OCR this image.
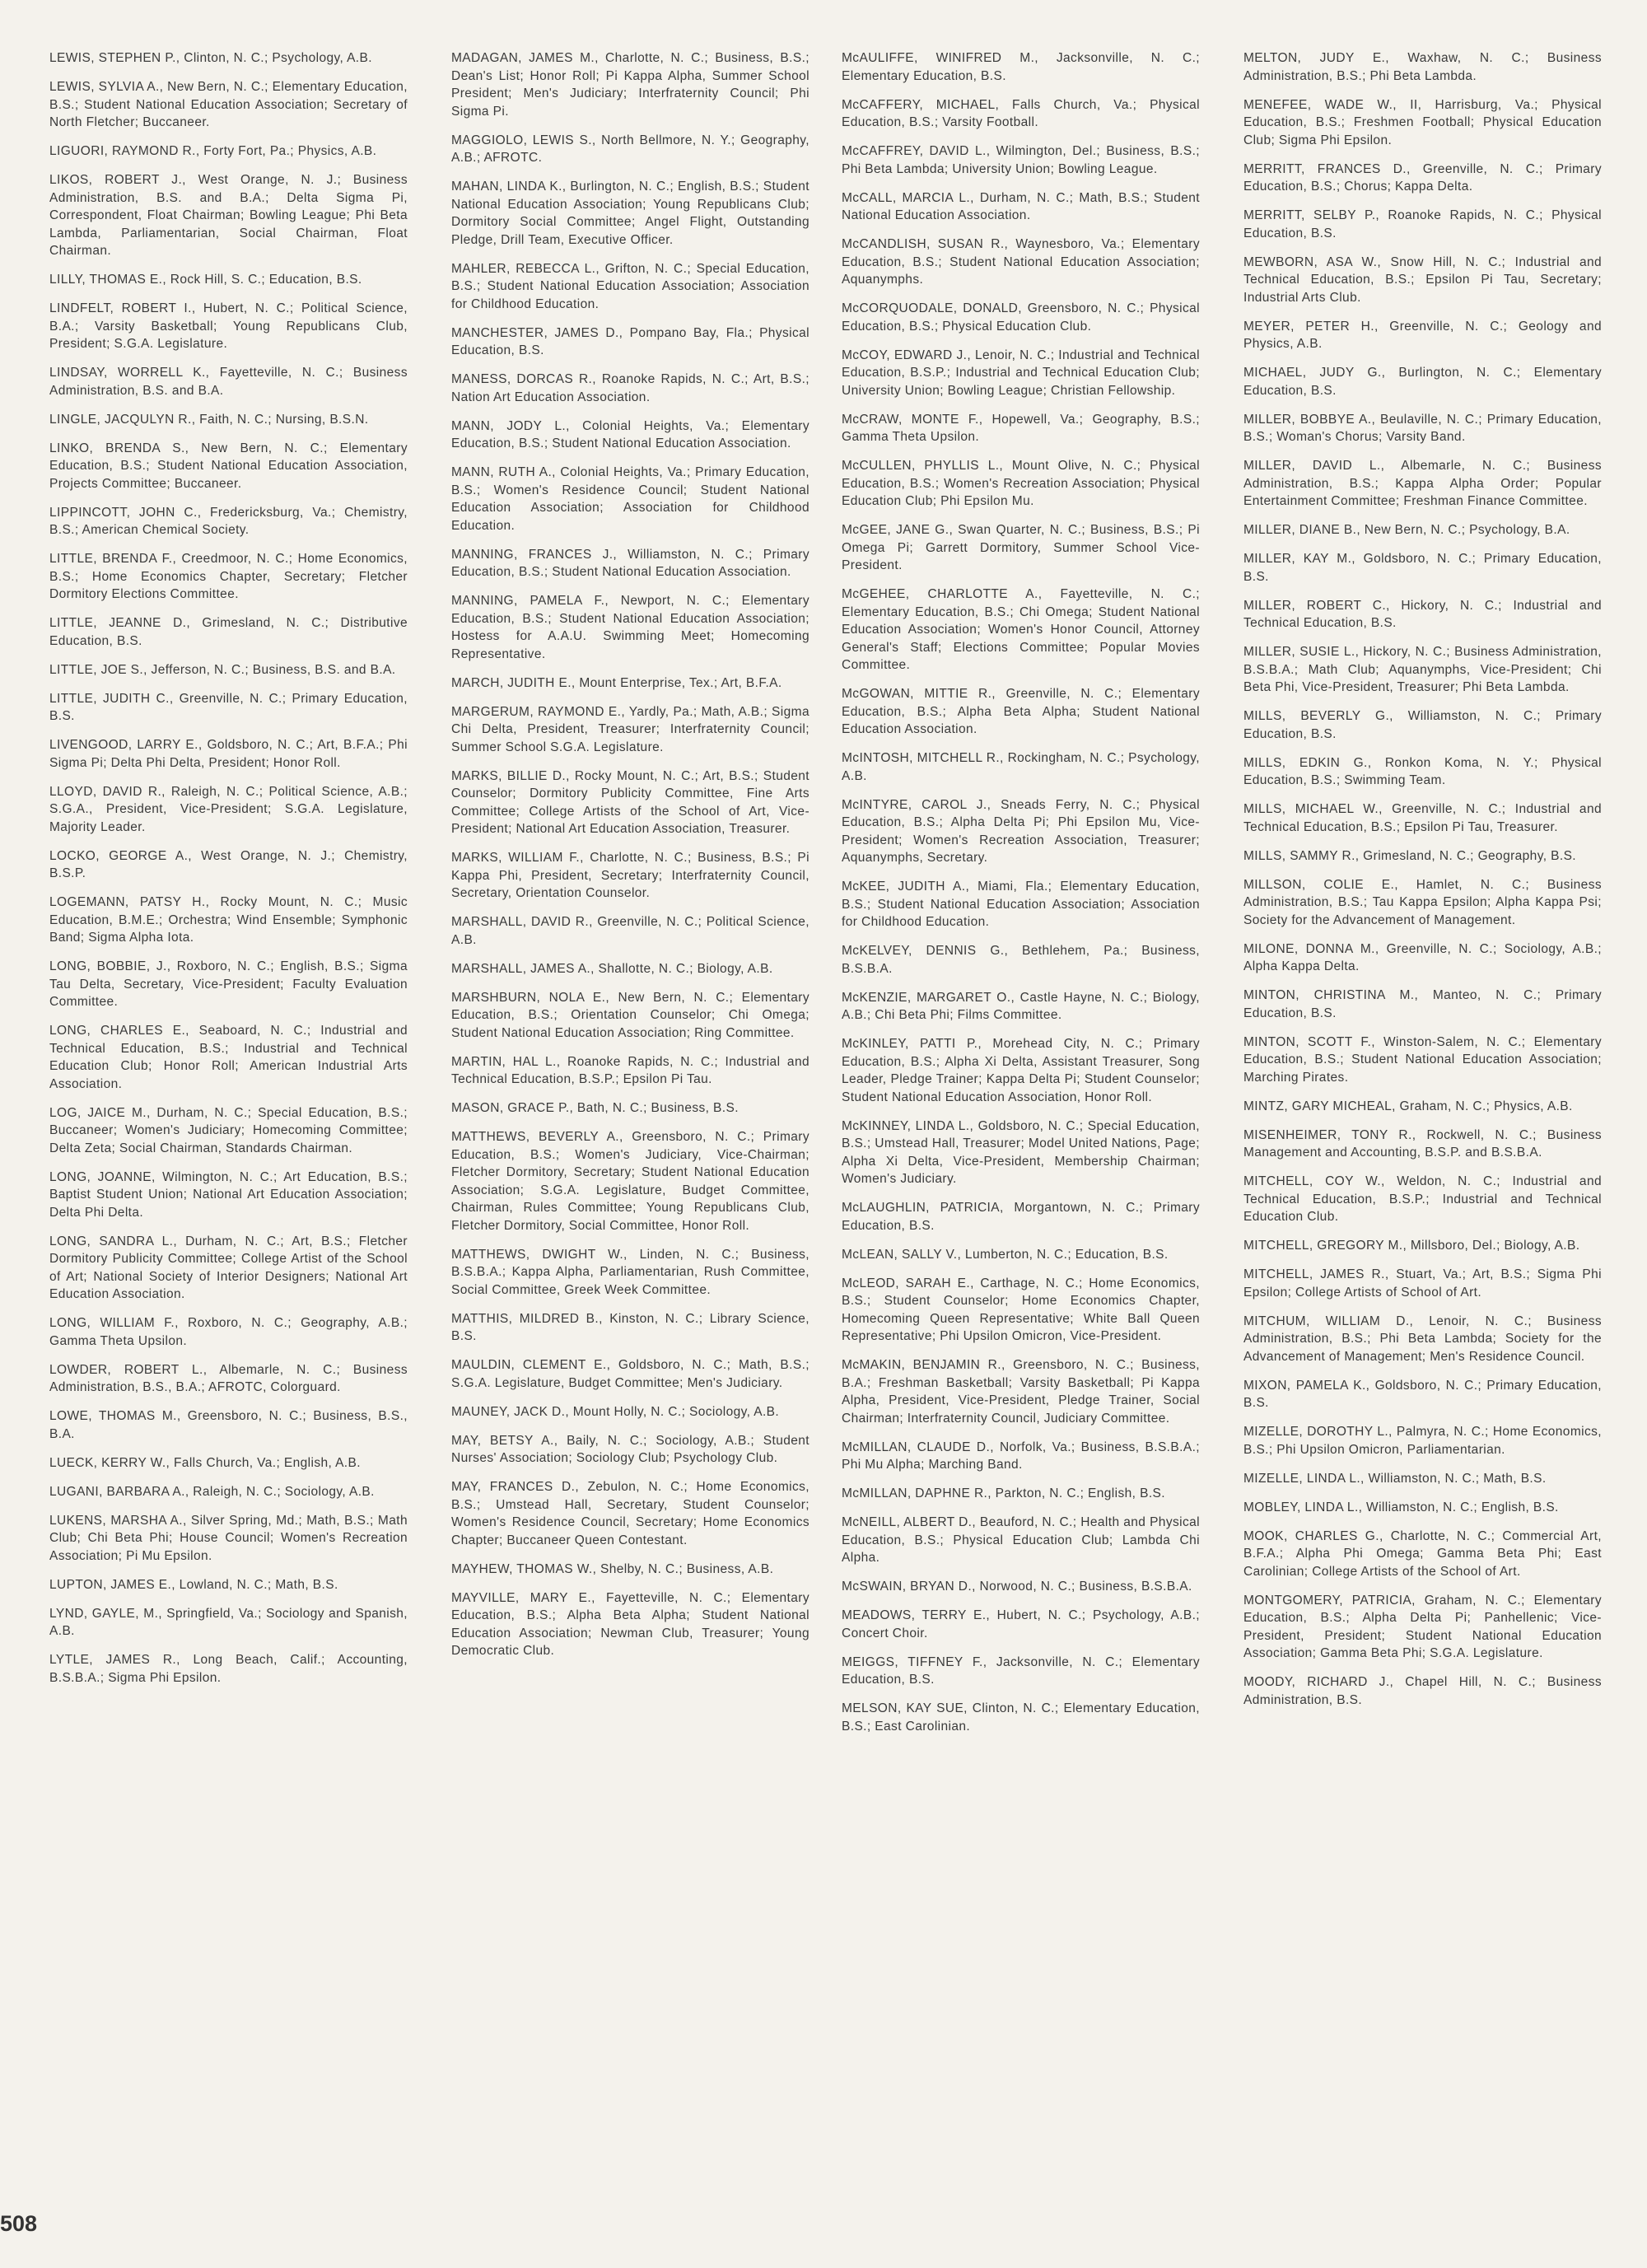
LEWIS, STEPHEN P., Clinton, N. C.; Psychology, A.B.

LEWIS, SYLVIA A., New Bern, N. C.; Elementary Education, B.S.; Student National Education Association; Secretary of North Fletcher; Buccaneer.

LIGUORI, RAYMOND R., Forty Fort, Pa.; Physics, A.B.

LIKOS, ROBERT J., West Orange, N. J.; Business Administration, B.S. and B.A.; Delta Sigma Pi, Correspondent, Float Chairman; Bowling League; Phi Beta Lambda, Parliamentarian, Social Chairman, Float Chairman.

LILLY, THOMAS E., Rock Hill, S. C.; Education, B.S.

LINDFELT, ROBERT I., Hubert, N. C.; Political Science, B.A.; Varsity Basketball; Young Republicans Club, President; S.G.A. Legislature.

LINDSAY, WORRELL K., Fayetteville, N. C.; Business Administration, B.S. and B.A.

LINGLE, JACQULYN R., Faith, N. C.; Nursing, B.S.N.

LINKO, BRENDA S., New Bern, N. C.; Elementary Education, B.S.; Student National Education Association, Projects Committee; Buccaneer.

LIPPINCOTT, JOHN C., Fredericksburg, Va.; Chemistry, B.S.; American Chemical Society.

LITTLE, BRENDA F., Creedmoor, N. C.; Home Economics, B.S.; Home Economics Chapter, Secretary; Fletcher Dormitory Elections Committee.

LITTLE, JEANNE D., Grimesland, N. C.; Distributive Education, B.S.

LITTLE, JOE S., Jefferson, N. C.; Business, B.S. and B.A.

LITTLE, JUDITH C., Greenville, N. C.; Primary Education, B.S.

LIVENGOOD, LARRY E., Goldsboro, N. C.; Art, B.F.A.; Phi Sigma Pi; Delta Phi Delta, President; Honor Roll.

LLOYD, DAVID R., Raleigh, N. C.; Political Science, A.B.; S.G.A., President, Vice-President; S.G.A. Legislature, Majority Leader.

LOCKO, GEORGE A., West Orange, N. J.; Chemistry, B.S.P.

LOGEMANN, PATSY H., Rocky Mount, N. C.; Music Education, B.M.E.; Orchestra; Wind Ensemble; Symphonic Band; Sigma Alpha Iota.

LONG, BOBBIE, J., Roxboro, N. C.; English, B.S.; Sigma Tau Delta, Secretary, Vice-President; Faculty Evaluation Committee.

LONG, CHARLES E., Seaboard, N. C.; Industrial and Technical Education, B.S.; Industrial and Technical Education Club; Honor Roll; American Industrial Arts Association.

LOG, JAICE M., Durham, N. C.; Special Education, B.S.; Buccaneer; Women's Judiciary; Homecoming Committee; Delta Zeta; Social Chairman, Standards Chairman.

LONG, JOANNE, Wilmington, N. C.; Art Education, B.S.; Baptist Student Union; National Art Education Association; Delta Phi Delta.

LONG, SANDRA L., Durham, N. C.; Art, B.S.; Fletcher Dormitory Publicity Committee; College Artist of the School of Art; National Society of Interior Designers; National Art Education Association.

LONG, WILLIAM F., Roxboro, N. C.; Geography, A.B.; Gamma Theta Upsilon.

LOWDER, ROBERT L., Albemarle, N. C.; Business Administration, B.S., B.A.; AFROTC, Colorguard.

LOWE, THOMAS M., Greensboro, N. C.; Business, B.S., B.A.

LUECK, KERRY W., Falls Church, Va.; English, A.B.

LUGANI, BARBARA A., Raleigh, N. C.; Sociology, A.B.

LUKENS, MARSHA A., Silver Spring, Md.; Math, B.S.; Math Club; Chi Beta Phi; House Council; Women's Recreation Association; Pi Mu Epsilon.

LUPTON, JAMES E., Lowland, N. C.; Math, B.S.

LYND, GAYLE, M., Springfield, Va.; Sociology and Spanish, A.B.

LYTLE, JAMES R., Long Beach, Calif.; Accounting, B.S.B.A.; Sigma Phi Epsilon.

MADAGAN, JAMES M., Charlotte, N. C.; Business, B.S.; Dean's List; Honor Roll; Pi Kappa Alpha, Summer School President; Men's Judiciary; Interfraternity Council; Phi Sigma Pi.

MAGGIOLO, LEWIS S., North Bellmore, N. Y.; Geography, A.B.; AFROTC.

MAHAN, LINDA K., Burlington, N. C.; English, B.S.; Student National Education Association; Young Republicans Club; Dormitory Social Committee; Angel Flight, Outstanding Pledge, Drill Team, Executive Officer.

MAHLER, REBECCA L., Grifton, N. C.; Special Education, B.S.; Student National Education Association; Association for Childhood Education.

MANCHESTER, JAMES D., Pompano Bay, Fla.; Physical Education, B.S.

MANESS, DORCAS R., Roanoke Rapids, N. C.; Art, B.S.; Nation Art Education Association.

MANN, JODY L., Colonial Heights, Va.; Elementary Education, B.S.; Student National Education Association.

MANN, RUTH A., Colonial Heights, Va.; Primary Education, B.S.; Women's Residence Council; Student National Education Association; Association for Childhood Education.

MANNING, FRANCES J., Williamston, N. C.; Primary Education, B.S.; Student National Education Association.

MANNING, PAMELA F., Newport, N. C.; Elementary Education, B.S.; Student National Education Association; Hostess for A.A.U. Swimming Meet; Homecoming Representative.

MARCH, JUDITH E., Mount Enterprise, Tex.; Art, B.F.A.

MARGERUM, RAYMOND E., Yardly, Pa.; Math, A.B.; Sigma Chi Delta, President, Treasurer; Interfraternity Council; Summer School S.G.A. Legislature.

MARKS, BILLIE D., Rocky Mount, N. C.; Art, B.S.; Student Counselor; Dormitory Publicity Committee, Fine Arts Committee; College Artists of the School of Art, Vice-President; National Art Education Association, Treasurer.

MARKS, WILLIAM F., Charlotte, N. C.; Business, B.S.; Pi Kappa Phi, President, Secretary; Interfraternity Council, Secretary, Orientation Counselor.

MARSHALL, DAVID R., Greenville, N. C.; Political Science, A.B.

MARSHALL, JAMES A., Shallotte, N. C.; Biology, A.B.

MARSHBURN, NOLA E., New Bern, N. C.; Elementary Education, B.S.; Orientation Counselor; Chi Omega; Student National Education Association; Ring Committee.

MARTIN, HAL L., Roanoke Rapids, N. C.; Industrial and Technical Education, B.S.P.; Epsilon Pi Tau.

MASON, GRACE P., Bath, N. C.; Business, B.S.

MATTHEWS, BEVERLY A., Greensboro, N. C.; Primary Education, B.S.; Women's Judiciary, Vice-Chairman; Fletcher Dormitory, Secretary; Student National Education Association; S.G.A. Legislature, Budget Committee, Chairman, Rules Committee; Young Republicans Club, Fletcher Dormitory, Social Committee, Honor Roll.

MATTHEWS, DWIGHT W., Linden, N. C.; Business, B.S.B.A.; Kappa Alpha, Parliamentarian, Rush Committee, Social Committee, Greek Week Committee.

MATTHIS, MILDRED B., Kinston, N. C.; Library Science, B.S.

MAULDIN, CLEMENT E., Goldsboro, N. C.; Math, B.S.; S.G.A. Legislature, Budget Committee; Men's Judiciary.

MAUNEY, JACK D., Mount Holly, N. C.; Sociology, A.B.

MAY, BETSY A., Baily, N. C.; Sociology, A.B.; Student Nurses' Association; Sociology Club; Psychology Club.

MAY, FRANCES D., Zebulon, N. C.; Home Economics, B.S.; Umstead Hall, Secretary, Student Counselor; Women's Residence Council, Secretary; Home Economics Chapter; Buccaneer Queen Contestant.

MAYHEW, THOMAS W., Shelby, N. C.; Business, A.B.

MAYVILLE, MARY E., Fayetteville, N. C.; Elementary Education, B.S.; Alpha Beta Alpha; Student National Education Association; Newman Club, Treasurer; Young Democratic Club.

McAULIFFE, WINIFRED M., Jacksonville, N. C.; Elementary Education, B.S.

McCAFFERY, MICHAEL, Falls Church, Va.; Physical Education, B.S.; Varsity Football.

McCAFFREY, DAVID L., Wilmington, Del.; Business, B.S.; Phi Beta Lambda; University Union; Bowling League.

McCALL, MARCIA L., Durham, N. C.; Math, B.S.; Student National Education Association.

McCANDLISH, SUSAN R., Waynesboro, Va.; Elementary Education, B.S.; Student National Education Association; Aquanymphs.

McCORQUODALE, DONALD, Greensboro, N. C.; Physical Education, B.S.; Physical Education Club.

McCOY, EDWARD J., Lenoir, N. C.; Industrial and Technical Education, B.S.P.; Industrial and Technical Education Club; University Union; Bowling League; Christian Fellowship.

McCRAW, MONTE F., Hopewell, Va.; Geography, B.S.; Gamma Theta Upsilon.

McCULLEN, PHYLLIS L., Mount Olive, N. C.; Physical Education, B.S.; Women's Recreation Association; Physical Education Club; Phi Epsilon Mu.

McGEE, JANE G., Swan Quarter, N. C.; Business, B.S.; Pi Omega Pi; Garrett Dormitory, Summer School Vice-President.

McGEHEE, CHARLOTTE A., Fayetteville, N. C.; Elementary Education, B.S.; Chi Omega; Student National Education Association; Women's Honor Council, Attorney General's Staff; Elections Committee; Popular Movies Committee.

McGOWAN, MITTIE R., Greenville, N. C.; Elementary Education, B.S.; Alpha Beta Alpha; Student National Education Association.

McINTOSH, MITCHELL R., Rockingham, N. C.; Psychology, A.B.

McINTYRE, CAROL J., Sneads Ferry, N. C.; Physical Education, B.S.; Alpha Delta Pi; Phi Epsilon Mu, Vice-President; Women's Recreation Association, Treasurer; Aquanymphs, Secretary.

McKEE, JUDITH A., Miami, Fla.; Elementary Education, B.S.; Student National Education Association; Association for Childhood Education.

McKELVEY, DENNIS G., Bethlehem, Pa.; Business, B.S.B.A.

McKENZIE, MARGARET O., Castle Hayne, N. C.; Biology, A.B.; Chi Beta Phi; Films Committee.

McKINLEY, PATTI P., Morehead City, N. C.; Primary Education, B.S.; Alpha Xi Delta, Assistant Treasurer, Song Leader, Pledge Trainer; Kappa Delta Pi; Student Counselor; Student National Education Association, Honor Roll.

McKINNEY, LINDA L., Goldsboro, N. C.; Special Education, B.S.; Umstead Hall, Treasurer; Model United Nations, Page; Alpha Xi Delta, Vice-President, Membership Chairman; Women's Judiciary.

McLAUGHLIN, PATRICIA, Morgantown, N. C.; Primary Education, B.S.

McLEAN, SALLY V., Lumberton, N. C.; Education, B.S.

McLEOD, SARAH E., Carthage, N. C.; Home Economics, B.S.; Student Counselor; Home Economics Chapter, Homecoming Queen Representative; White Ball Queen Representative; Phi Upsilon Omicron, Vice-President.

McMAKIN, BENJAMIN R., Greensboro, N. C.; Business, B.A.; Freshman Basketball; Varsity Basketball; Pi Kappa Alpha, President, Vice-President, Pledge Trainer, Social Chairman; Interfraternity Council, Judiciary Committee.

McMILLAN, CLAUDE D., Norfolk, Va.; Business, B.S.B.A.; Phi Mu Alpha; Marching Band.

McMILLAN, DAPHNE R., Parkton, N. C.; English, B.S.

McNEILL, ALBERT D., Beauford, N. C.; Health and Physical Education, B.S.; Physical Education Club; Lambda Chi Alpha.

McSWAIN, BRYAN D., Norwood, N. C.; Business, B.S.B.A.

MEADOWS, TERRY E., Hubert, N. C.; Psychology, A.B.; Concert Choir.

MEIGGS, TIFFNEY F., Jacksonville, N. C.; Elementary Education, B.S.

MELSON, KAY SUE, Clinton, N. C.; Elementary Education, B.S.; East Carolinian.

MELTON, JUDY E., Waxhaw, N. C.; Business Administration, B.S.; Phi Beta Lambda.

MENEFEE, WADE W., II, Harrisburg, Va.; Physical Education, B.S.; Freshmen Football; Physical Education Club; Sigma Phi Epsilon.

MERRITT, FRANCES D., Greenville, N. C.; Primary Education, B.S.; Chorus; Kappa Delta.

MERRITT, SELBY P., Roanoke Rapids, N. C.; Physical Education, B.S.

MEWBORN, ASA W., Snow Hill, N. C.; Industrial and Technical Education, B.S.; Epsilon Pi Tau, Secretary; Industrial Arts Club.

MEYER, PETER H., Greenville, N. C.; Geology and Physics, A.B.

MICHAEL, JUDY G., Burlington, N. C.; Elementary Education, B.S.

MILLER, BOBBYE A., Beulaville, N. C.; Primary Education, B.S.; Woman's Chorus; Varsity Band.

MILLER, DAVID L., Albemarle, N. C.; Business Administration, B.S.; Kappa Alpha Order; Popular Entertainment Committee; Freshman Finance Committee.

MILLER, DIANE B., New Bern, N. C.; Psychology, B.A.

MILLER, KAY M., Goldsboro, N. C.; Primary Education, B.S.

MILLER, ROBERT C., Hickory, N. C.; Industrial and Technical Education, B.S.

MILLER, SUSIE L., Hickory, N. C.; Business Administration, B.S.B.A.; Math Club; Aquanymphs, Vice-President; Chi Beta Phi, Vice-President, Treasurer; Phi Beta Lambda.

MILLS, BEVERLY G., Williamston, N. C.; Primary Education, B.S.

MILLS, EDKIN G., Ronkon Koma, N. Y.; Physical Education, B.S.; Swimming Team.

MILLS, MICHAEL W., Greenville, N. C.; Industrial and Technical Education, B.S.; Epsilon Pi Tau, Treasurer.

MILLS, SAMMY R., Grimesland, N. C.; Geography, B.S.

MILLSON, COLIE E., Hamlet, N. C.; Business Administration, B.S.; Tau Kappa Epsilon; Alpha Kappa Psi; Society for the Advancement of Management.

MILONE, DONNA M., Greenville, N. C.; Sociology, A.B.; Alpha Kappa Delta.

MINTON, CHRISTINA M., Manteo, N. C.; Primary Education, B.S.

MINTON, SCOTT F., Winston-Salem, N. C.; Elementary Education, B.S.; Student National Education Association; Marching Pirates.

MINTZ, GARY MICHEAL, Graham, N. C.; Physics, A.B.

MISENHEIMER, TONY R., Rockwell, N. C.; Business Management and Accounting, B.S.P. and B.S.B.A.

MITCHELL, COY W., Weldon, N. C.; Industrial and Technical Education, B.S.P.; Industrial and Technical Education Club.

MITCHELL, GREGORY M., Millsboro, Del.; Biology, A.B.

MITCHELL, JAMES R., Stuart, Va.; Art, B.S.; Sigma Phi Epsilon; College Artists of School of Art.

MITCHUM, WILLIAM D., Lenoir, N. C.; Business Administration, B.S.; Phi Beta Lambda; Society for the Advancement of Management; Men's Residence Council.

MIXON, PAMELA K., Goldsboro, N. C.; Primary Education, B.S.

MIZELLE, DOROTHY L., Palmyra, N. C.; Home Economics, B.S.; Phi Upsilon Omicron, Parliamentarian.

MIZELLE, LINDA L., Williamston, N. C.; Math, B.S.

MOBLEY, LINDA L., Williamston, N. C.; English, B.S.

MOOK, CHARLES G., Charlotte, N. C.; Commercial Art, B.F.A.; Alpha Phi Omega; Gamma Beta Phi; East Carolinian; College Artists of the School of Art.

MONTGOMERY, PATRICIA, Graham, N. C.; Elementary Education, B.S.; Alpha Delta Pi; Panhellenic; Vice-President, President; Student National Education Association; Gamma Beta Phi; S.G.A. Legislature.

MOODY, RICHARD J., Chapel Hill, N. C.; Business Administration, B.S.

508
